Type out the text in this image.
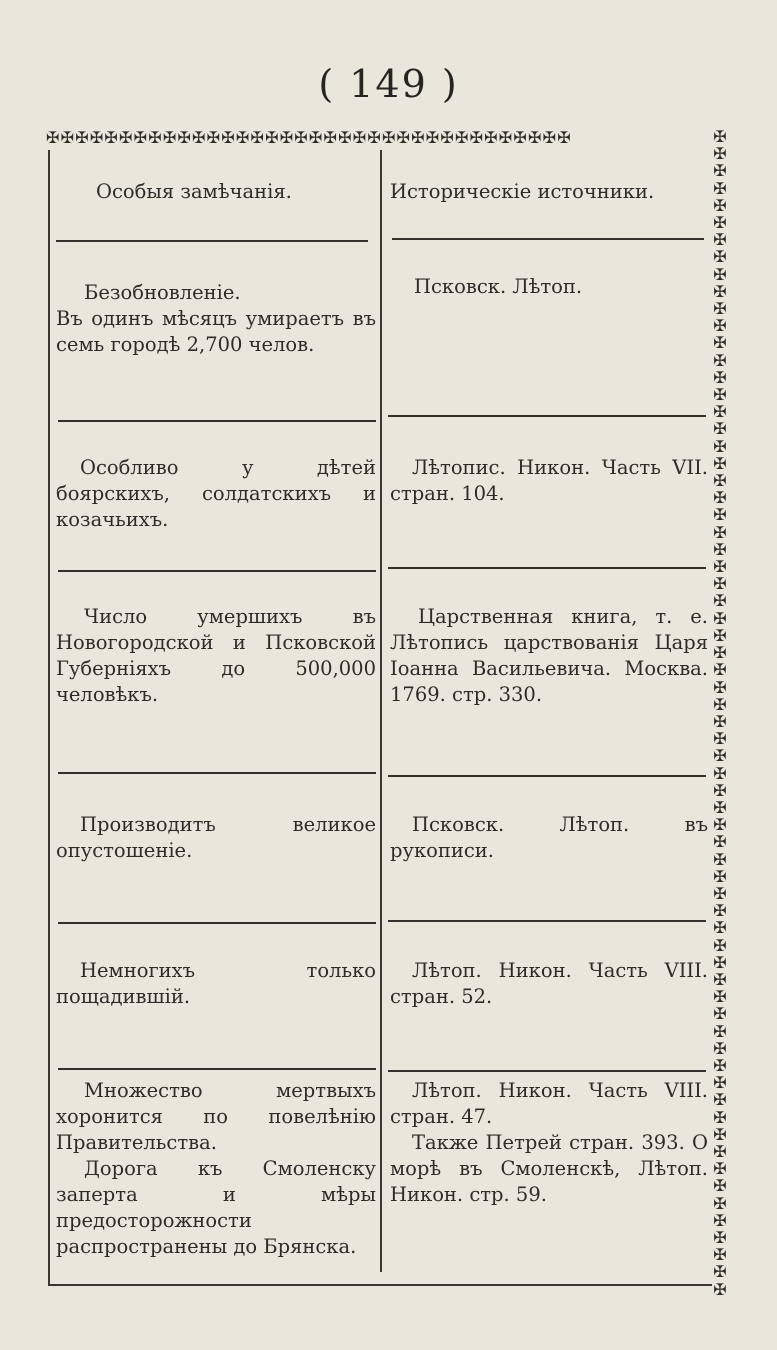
( 149 )
✠✠✠✠✠✠✠✠✠✠✠✠✠✠✠✠✠✠✠✠✠✠✠✠✠✠✠✠✠✠✠✠✠✠✠✠	✠✠✠✠✠✠✠✠✠✠✠✠✠✠✠✠✠✠✠✠✠✠✠✠✠✠✠✠✠✠✠✠✠✠✠✠✠✠✠✠✠✠✠✠✠✠✠✠✠✠✠✠✠✠✠✠✠✠✠✠✠✠✠✠✠✠✠✠
Особыя замѣчанія.	Историческіе источники.

Безобновленіе.

Въ одинъ мѣсяцъ умираетъ въ семь городѣ 2,700 челов.

Псковск. Лѣтоп.

Особливо у дѣтей боярскихъ, солдатскихъ и козачьихъ.

Лѣтопис. Никон. Часть VII. стран. 104.

Число умершихъ въ Новогородской и Псковской Губерніяхъ до 500,000 человѣкъ.

Царственная книга, т. е. Лѣтопись царствованія Царя Іоанна Васильевича. Москва. 1769. стр. 330.

Производитъ великое опустошеніе.

Псковск. Лѣтоп. въ рукописи.

Немногихъ только пощадившій.

Лѣтоп. Никон. Часть VIII. стран. 52.

Множество мертвыхъ хоронится по повелѣнію Правительства.

Дорога къ Смоленску заперта и мѣры предосторожности распространены до Брянска.

Лѣтоп. Никон. Часть VIII. стран. 47.

Также Петрей стран. 393. О морѣ въ Смоленскѣ, Лѣтоп. Никон. стр. 59.
